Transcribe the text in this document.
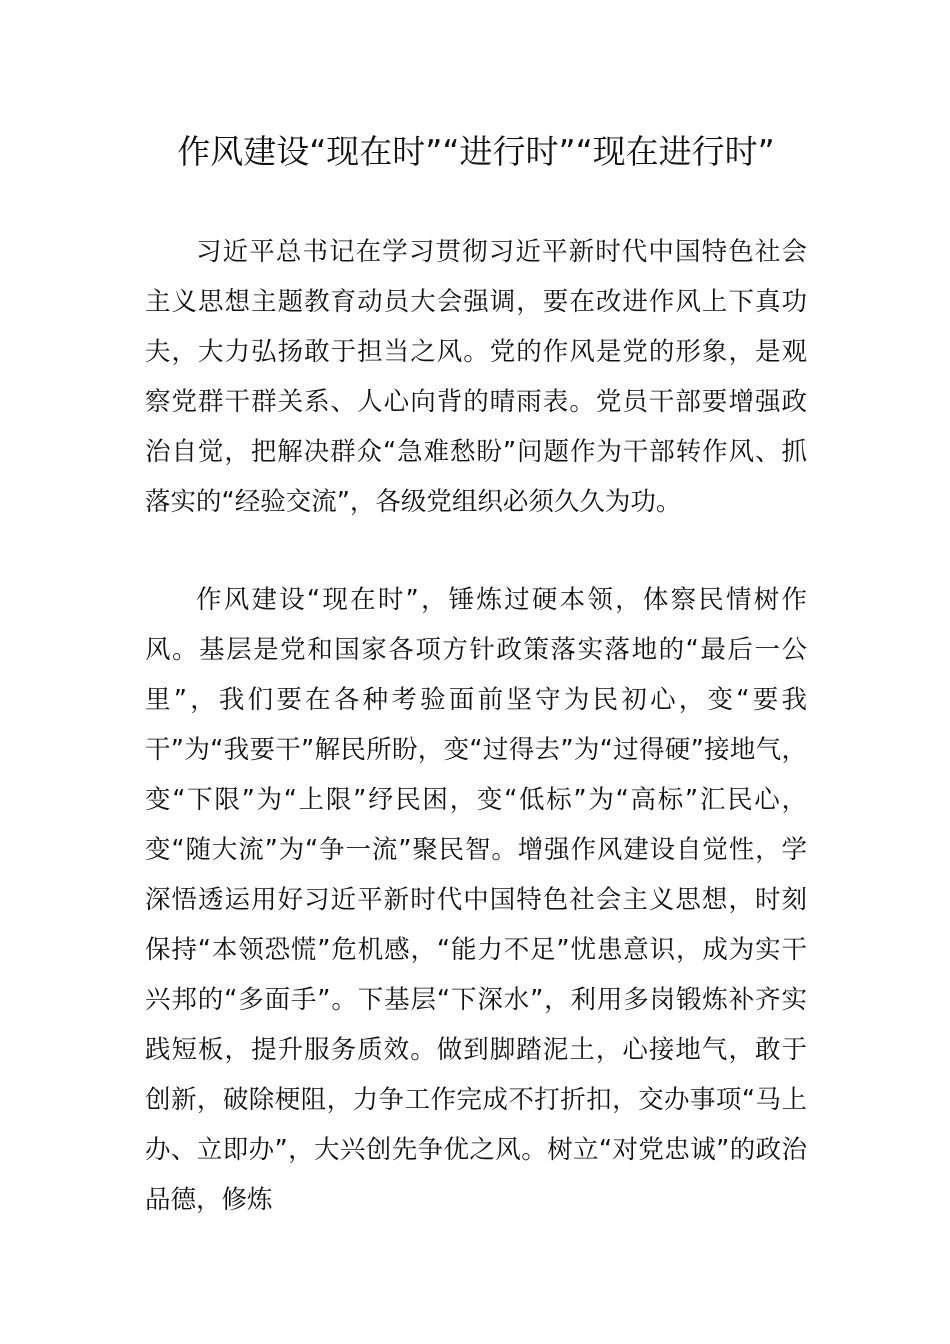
作风建设“现在时”“进行时”“现在进行时”

习近平总书记在学习贯彻习近平新时代中国特色社会主义思想主题教育动员大会强调，要在改进作风上下真功夫，大力弘扬敢于担当之风。党的作风是党的形象，是观察党群干群关系、人心向背的晴雨表。党员干部要增强政治自觉，把解决群众“急难愁盼”问题作为干部转作风、抓落实的“经验交流”，各级党组织必须久久为功。

作风建设“现在时”，锤炼过硬本领，体察民情树作风。基层是党和国家各项方针政策落实落地的“最后一公里”，我们要在各种考验面前坚守为民初心，变“要我干”为“我要干”解民所盼，变“过得去”为“过得硬”接地气，变“下限”为“上限”纾民困，变“低标”为“高标”汇民心，变“随大流”为“争一流”聚民智。增强作风建设自觉性，学深悟透运用好习近平新时代中国特色社会主义思想，时刻保持“本领恐慌”危机感，“能力不足”忧患意识，成为实干兴邦的“多面手”。下基层“下深水”，利用多岗锻炼补齐实践短板，提升服务质效。做到脚踏泥土，心接地气，敢于创新，破除梗阻，力争工作完成不打折扣，交办事项“马上办、立即办”，大兴创先争优之风。树立“对党忠诚”的政治品德，修炼
